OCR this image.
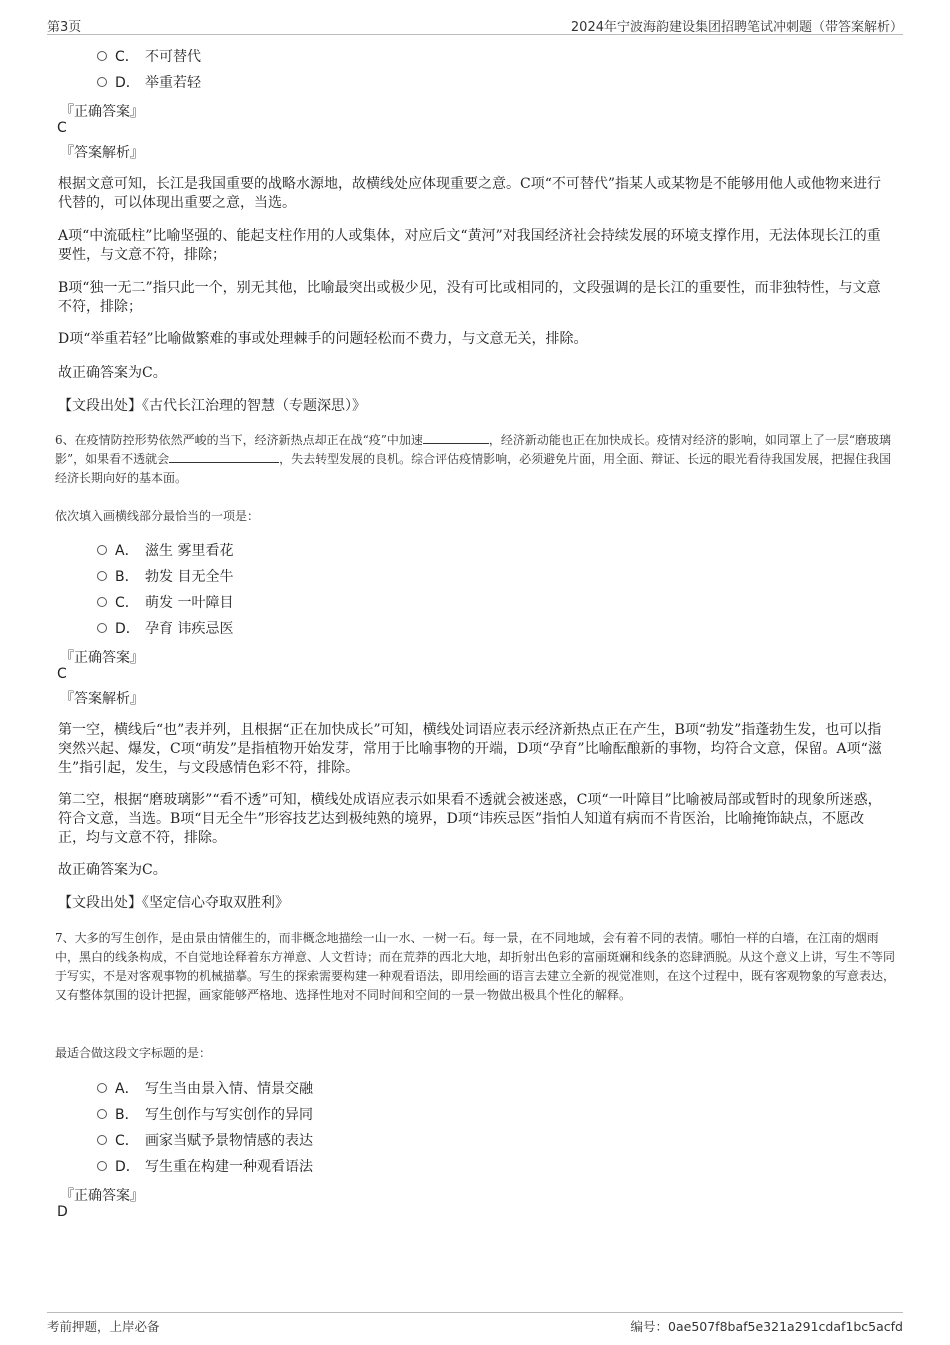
第3页	2024年宁波海韵建设集团招聘笔试冲刺题（带答案解析）
C． 不可替代
D． 举重若轻
『正确答案』
C
『答案解析』
根据文意可知，长江是我国重要的战略水源地，故横线处应体现重要之意。C项“不可替代”指某人或某物是不能够用他人或他物来进行代替的，可以体现出重要之意，当选。
A项“中流砥柱”比喻坚强的、能起支柱作用的人或集体，对应后文“黄河”对我国经济社会持续发展的环境支撑作用，无法体现长江的重要性，与文意不符，排除；
B项“独一无二”指只此一个，别无其他，比喻最突出或极少见，没有可比或相同的，文段强调的是长江的重要性，而非独特性，与文意不符，排除；
D项“举重若轻”比喻做繁难的事或处理棘手的问题轻松而不费力，与文意无关，排除。
故正确答案为C。
【文段出处】《古代长江治理的智慧（专题深思）》
6、在疫情防控形势依然严峻的当下，经济新热点却正在战“疫”中加速	，经济新动能也正在加快成长。疫情对经济的影响，如同罩上了一层“磨玻璃影”，如果看不透就会	，失去转型发展的良机。综合评估疫情影响，必须避免片面，用全面、辩证、长远的眼光看待我国发展，把握住我国经济长期向好的基本面。
依次填入画横线部分最恰当的一项是：
A． 滋生 雾里看花
B． 勃发 目无全牛
C． 萌发 一叶障目
D． 孕育 讳疾忌医
『正确答案』
C
『答案解析』
第一空，横线后“也”表并列，且根据“正在加快成长”可知，横线处词语应表示经济新热点正在产生，B项“勃发”指蓬勃生发，也可以指突然兴起、爆发，C项“萌发”是指植物开始发芽，常用于比喻事物的开端，D项“孕育”比喻酝酿新的事物，均符合文意，保留。A项“滋生”指引起，发生，与文段感情色彩不符，排除。
第二空，根据“磨玻璃影”“看不透”可知，横线处成语应表示如果看不透就会被迷惑，C项“一叶障目”比喻被局部或暂时的现象所迷惑，符合文意，当选。B项“目无全牛”形容技艺达到极纯熟的境界，D项“讳疾忌医”指怕人知道有病而不肯医治，比喻掩饰缺点，不愿改正，均与文意不符，排除。
故正确答案为C。
【文段出处】《坚定信心夺取双胜利》
7、大多的写生创作，是由景由情催生的，而非概念地描绘一山一水、一树一石。每一景，在不同地域，会有着不同的表情。哪怕一样的白墙，在江南的烟雨中，黑白的线条构成，不自觉地诠释着东方禅意、人文哲诗；而在荒莽的西北大地，却折射出色彩的富丽斑斓和线条的恣肆洒脱。从这个意义上讲，写生不等同于写实，不是对客观事物的机械描摹。写生的探索需要构建一种观看语法，即用绘画的语言去建立全新的视觉准则，在这个过程中，既有客观物象的写意表达，又有整体氛围的设计把握，画家能够严格地、选择性地对不同时间和空间的一景一物做出极具个性化的解释。
最适合做这段文字标题的是：
A． 写生当由景入情、情景交融
B． 写生创作与写实创作的异同
C． 画家当赋予景物情感的表达
D． 写生重在构建一种观看语法
『正确答案』
D
考前押题，上岸必备	编号：0ae507f8baf5e321a291cdaf1bc5acfd
